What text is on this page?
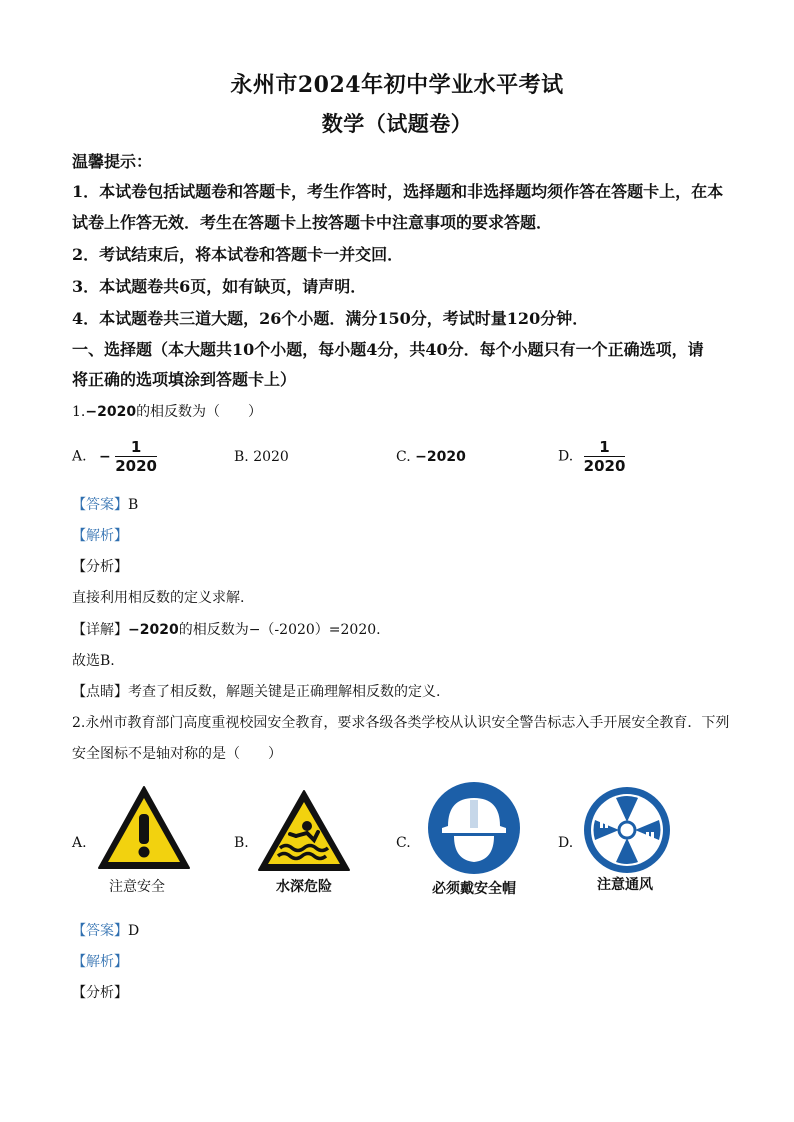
永州市2024年初中学业水平考试
数学（试题卷）
温馨提示：
1．本试卷包括试题卷和答题卡，考生作答时，选择题和非选择题均须作答在答题卡上，在本
试卷上作答无效．考生在答题卡上按答题卡中注意事项的要求答题．
2．考试结束后，将本试卷和答题卡一并交回．
3．本试题卷共6页，如有缺页，请声明．
4．本试题卷共三道大题，26个小题．满分150分，考试时量120分钟．
一、选择题（本大题共10个小题，每小题4分，共40分．每个小题只有一个正确选项，请
将正确的选项填涂到答题卡上）
1.−2020的相反数为（　　）
A. − $\frac{1}{2020}$	B. 2020	C. −2020	D. $\frac{1}{2020}$
【答案】B
【解析】
【分析】
直接利用相反数的定义求解.
【详解】−2020的相反数为−（-2020）=2020.
故选B.
【点睛】考查了相反数，解题关键是正确理解相反数的定义.
2.永州市教育部门高度重视校园安全教育，要求各级各类学校从认识安全警告标志入手开展安全教育．下列
安全图标不是轴对称的是（　　）
A.
注意安全
B.
水深危险
C.
必须戴安全帽
D.
注意通风
【答案】D
【解析】
【分析】
